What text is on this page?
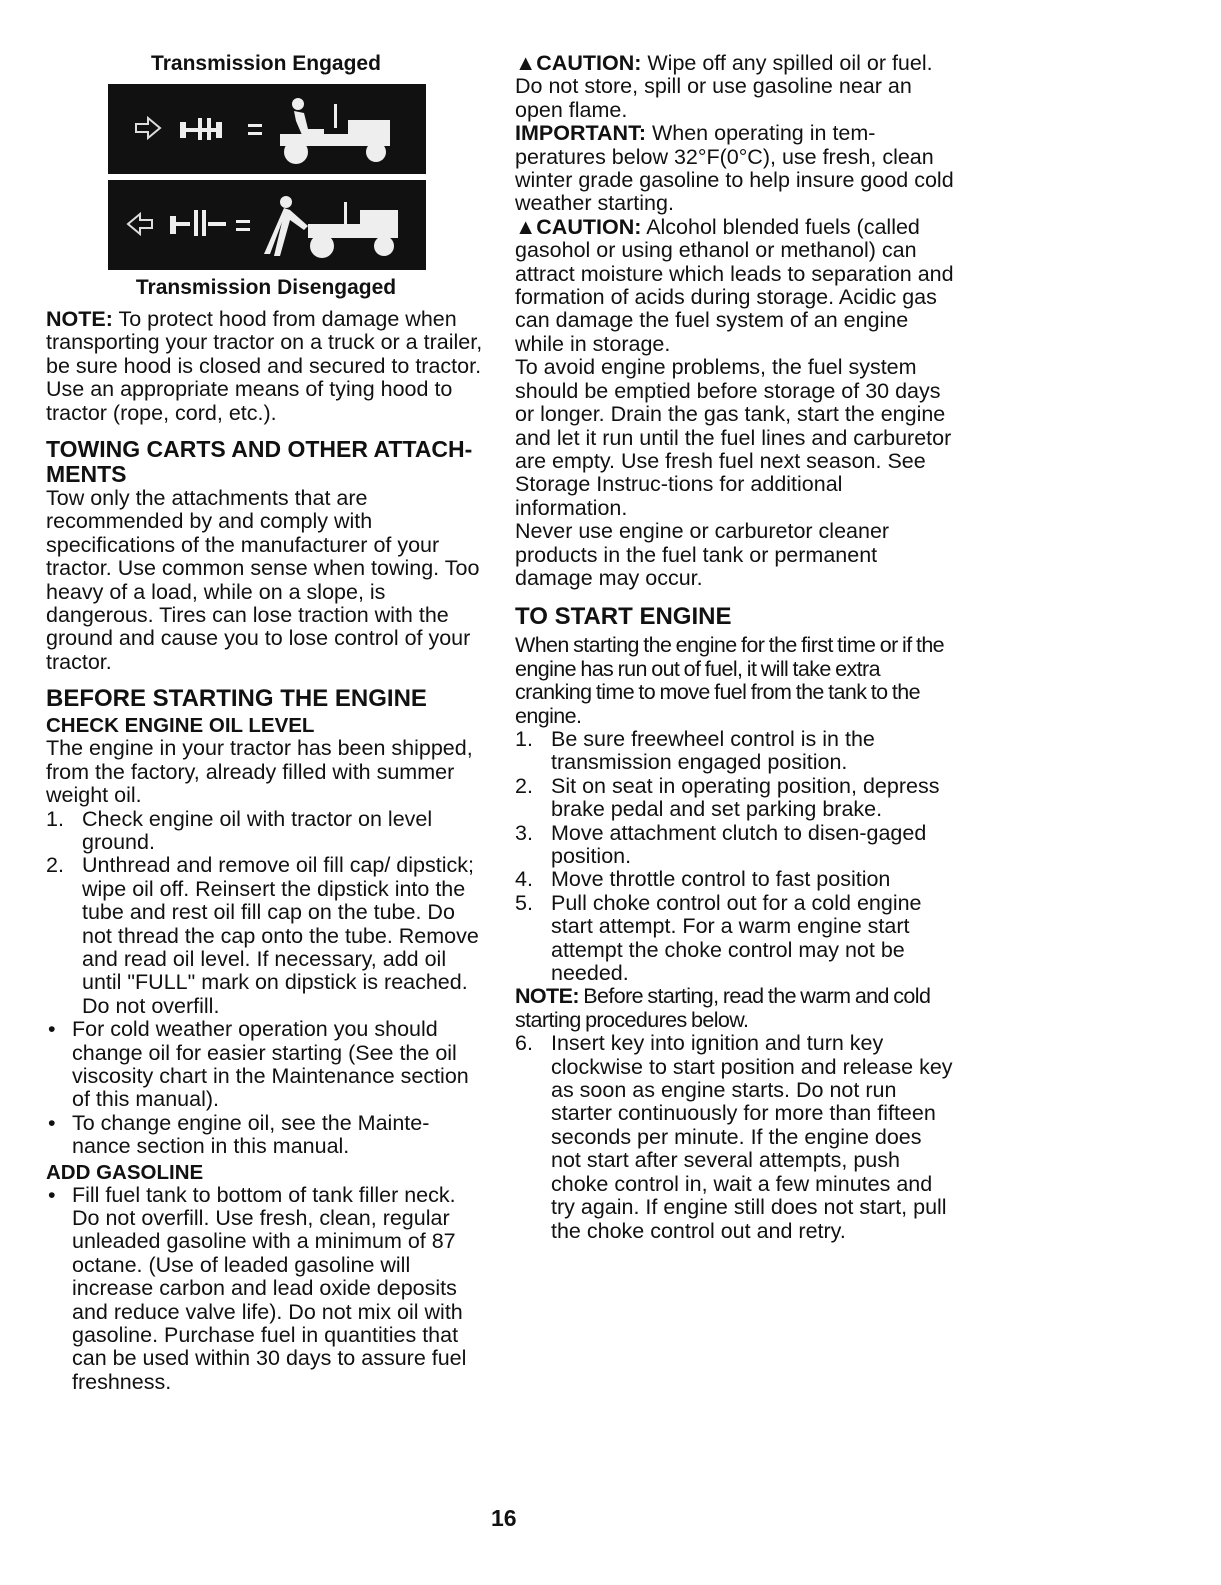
Transmission Engaged

Transmission Disengaged

NOTE: To protect hood from damage when transporting your tractor on a truck or a trailer, be sure hood is closed and secured to tractor. Use an appropriate means of tying hood to tractor (rope, cord, etc.).

TOWING CARTS AND OTHER ATTACH-MENTS

Tow only the attachments that are recommended by and comply with specifications of the manufacturer of your tractor. Use common sense when towing. Too heavy of a load, while on a slope, is dangerous. Tires can lose traction with the ground and cause you to lose control of your tractor.

BEFORE STARTING THE ENGINE

CHECK ENGINE OIL LEVEL

The engine in your tractor has been shipped, from the factory, already filled with summer weight oil.

1. Check engine oil with tractor on level ground.
2. Unthread and remove oil fill cap/ dipstick; wipe oil off. Reinsert the dipstick into the tube and rest oil fill cap on the tube. Do not thread the cap onto the tube. Remove and read oil level. If necessary, add oil until "FULL" mark on dipstick is reached. Do not overfill.
• For cold weather operation you should change oil for easier starting (See the oil viscosity chart in the Maintenance section of this manual).
• To change engine oil, see the Mainte-nance section in this manual.

ADD GASOLINE

• Fill fuel tank to bottom of tank filler neck. Do not overfill. Use fresh, clean, regular unleaded gasoline with a minimum of 87 octane. (Use of leaded gasoline will increase carbon and lead oxide deposits and reduce valve life). Do not mix oil with gasoline. Purchase fuel in quantities that can be used within 30 days to assure fuel freshness.

▲CAUTION: Wipe off any spilled oil or fuel. Do not store, spill or use gasoline near an open flame.

IMPORTANT: When operating in tem-peratures below 32°F(0°C), use fresh, clean winter grade gasoline to help insure good cold weather starting.

▲CAUTION: Alcohol blended fuels (called gasohol or using ethanol or methanol) can attract moisture which leads to separation and formation of acids during storage. Acidic gas can damage the fuel system of an engine while in storage.

To avoid engine problems, the fuel system should be emptied before storage of 30 days or longer. Drain the gas tank, start the engine and let it run until the fuel lines and carburetor are empty. Use fresh fuel next season. See Storage Instruc-tions for additional information.

Never use engine or carburetor cleaner products in the fuel tank or permanent damage may occur.

TO START ENGINE

When starting the engine for the first time or if the engine has run out of fuel, it will take extra cranking time to move fuel from the tank to the engine.

1. Be sure freewheel control is in the transmission engaged position.
2. Sit on seat in operating position, depress brake pedal and set parking brake.
3. Move attachment clutch to disen-gaged position.
4. Move throttle control to fast position
5. Pull choke control out for a cold engine start attempt. For a warm engine start attempt the choke control may not be needed.

NOTE: Before starting, read the warm and cold starting procedures below.

6. Insert key into ignition and turn key clockwise to start position and release key as soon as engine starts. Do not run starter continuously for more than fifteen seconds per minute. If the engine does not start after several attempts, push choke control in, wait a few minutes and try again. If engine still does not start, pull the choke control out and retry.
16
